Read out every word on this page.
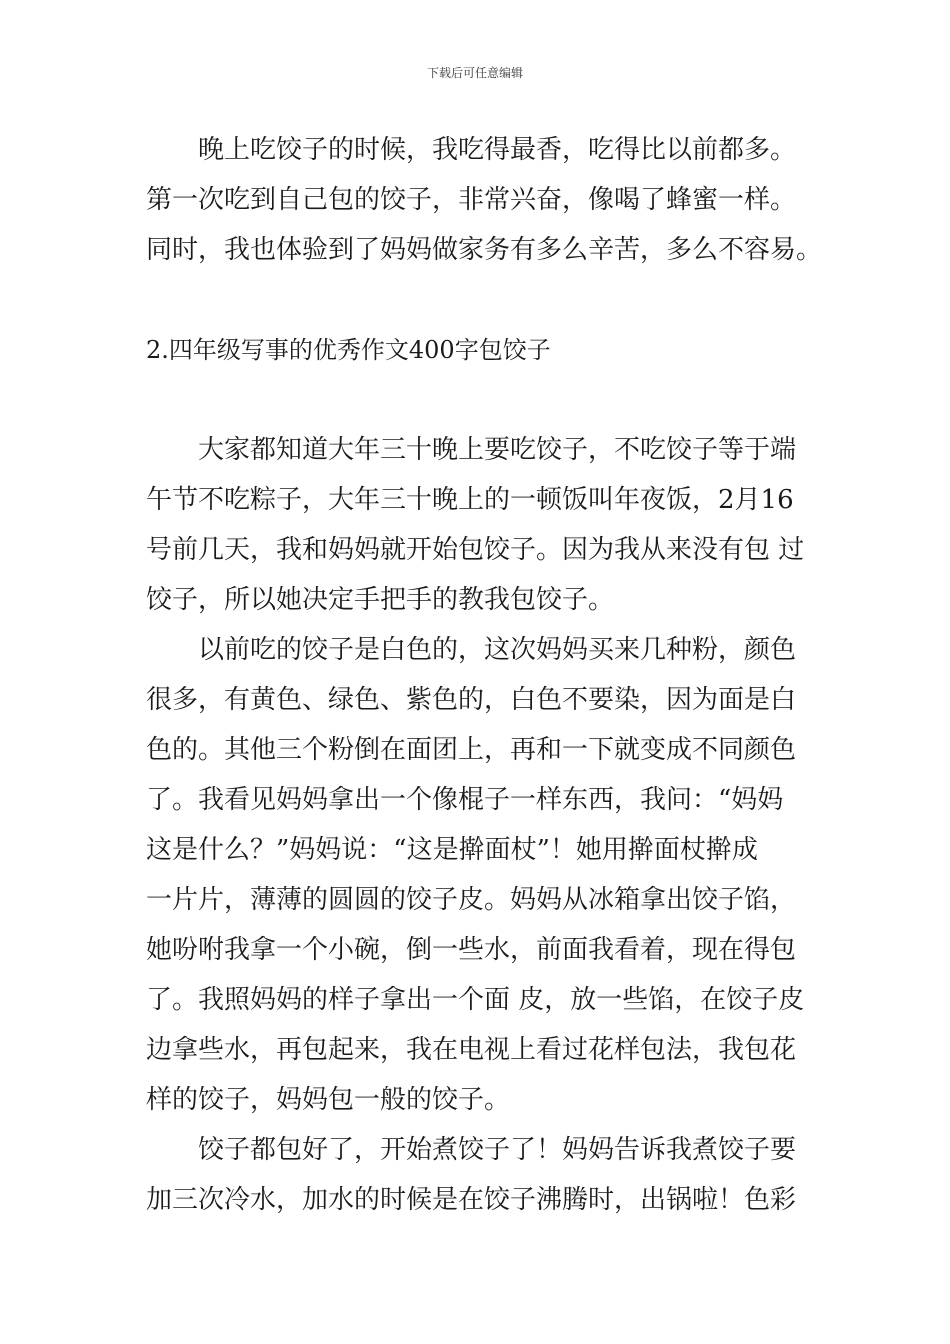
下载后可任意编辑
晚上吃饺子的时候，我吃得最香，吃得比以前都多。
第一次吃到自己包的饺子，非常兴奋，像喝了蜂蜜一样。
同时，我也体验到了妈妈做家务有多么辛苦，多么不容易。
2.四年级写事的优秀作文400字包饺子
大家都知道大年三十晚上要吃饺子，不吃饺子等于端
午节不吃粽子，大年三十晚上的一顿饭叫年夜饭，2月16
号前几天，我和妈妈就开始包饺子。因为我从来没有包 过
饺子，所以她决定手把手的教我包饺子。
以前吃的饺子是白色的，这次妈妈买来几种粉，颜色
很多，有黄色、绿色、紫色的，白色不要染，因为面是白
色的。其他三个粉倒在面团上，再和一下就变成不同颜色
了。我看见妈妈拿出一个像棍子一样东西，我问：“妈妈
这是什么？”妈妈说：“这是擀面杖”！她用擀面杖擀成
一片片，薄薄的圆圆的饺子皮。妈妈从冰箱拿出饺子馅，
她吩咐我拿一个小碗，倒一些水，前面我看着，现在得包
了。我照妈妈的样子拿出一个面 皮，放一些馅，在饺子皮
边拿些水，再包起来，我在电视上看过花样包法，我包花
样的饺子，妈妈包一般的饺子。
饺子都包好了，开始煮饺子了！妈妈告诉我煮饺子要
加三次冷水，加水的时候是在饺子沸腾时，出锅啦！色彩
